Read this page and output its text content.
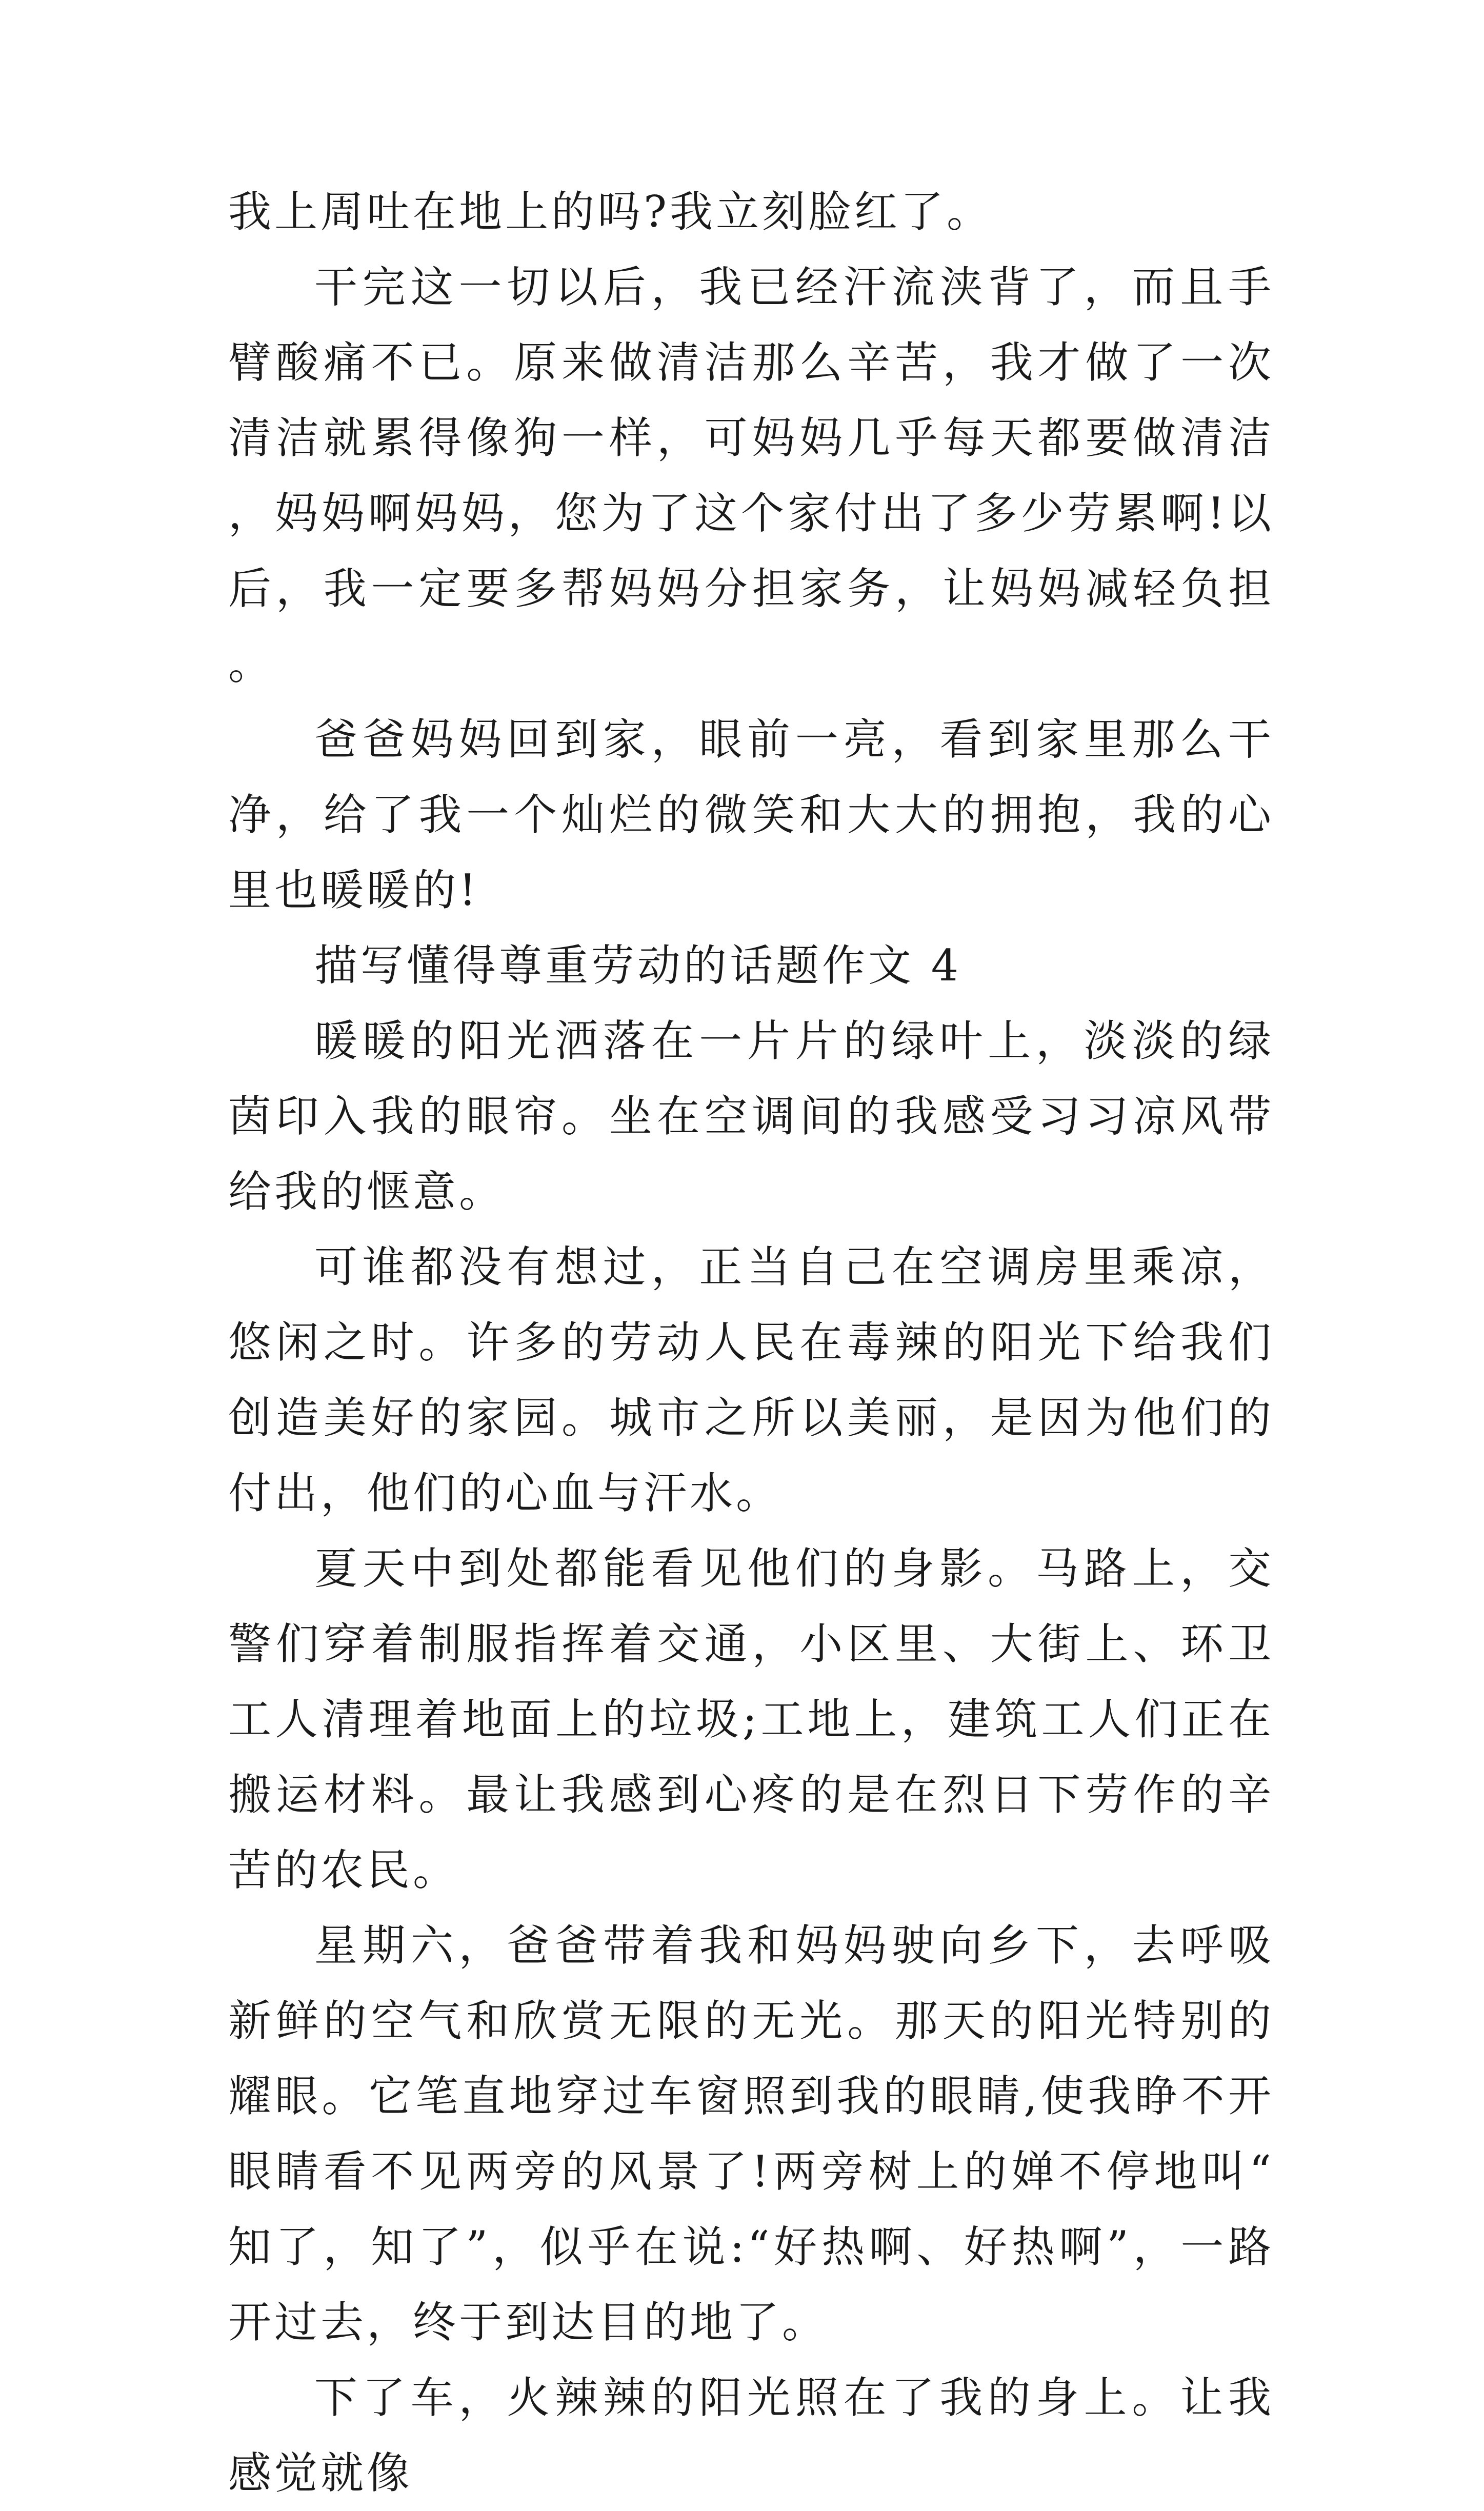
我上周吐在地上的吗?我立刻脸红了。

干完这一切以后，我已经汗流浃背了，而且手臂酸痛不已。原来做清洁那么辛苦，我才做了一次清洁就累得像狗一样，可妈妈几乎每天都要做清洁，妈妈啊妈妈，您为了这个家付出了多少劳累啊!以后，我一定要多帮妈妈分担家务，让妈妈减轻负担。

爸爸妈妈回到家，眼前一亮，看到家里那么干净，给了我一个灿烂的微笑和大大的拥抱，我的心里也暖暖的!

描写懂得尊重劳动的话题作文 4

暖暖的阳光洒落在一片片的绿叶上，淡淡的绿茵印入我的眼帘。坐在空调间的我感受习习凉风带给我的惬意。

可谁都没有想过，正当自己在空调房里乘凉，悠闲之时。许多的劳动人民在毒辣的阳光下给我们创造美好的家园。城市之所以美丽，是因为他们的付出，他们的心血与汗水。

夏天中到处都能看见他们的身影。马路上，交警们穿着制服指挥着交通，小区里、大街上、环卫工人清理着地面上的垃圾;工地上，建筑工人们正在搬运材料。最让我感到心疼的是在烈日下劳作的辛苦的农民。

星期六，爸爸带着我和妈妈驶向乡下，去呼吸新鲜的空气和欣赏无限的无光。那天的阳光特别的耀眼。它笔直地穿过车窗照到我的眼睛,使我睁不开眼睛看不见两旁的风景了!两旁树上的婵不停地叫“知了，知了”，似乎在说:“好热啊、好热啊”，一路开过去，终于到达目的地了。

下了车，火辣辣的阳光照在了我的身上。让我感觉就像
